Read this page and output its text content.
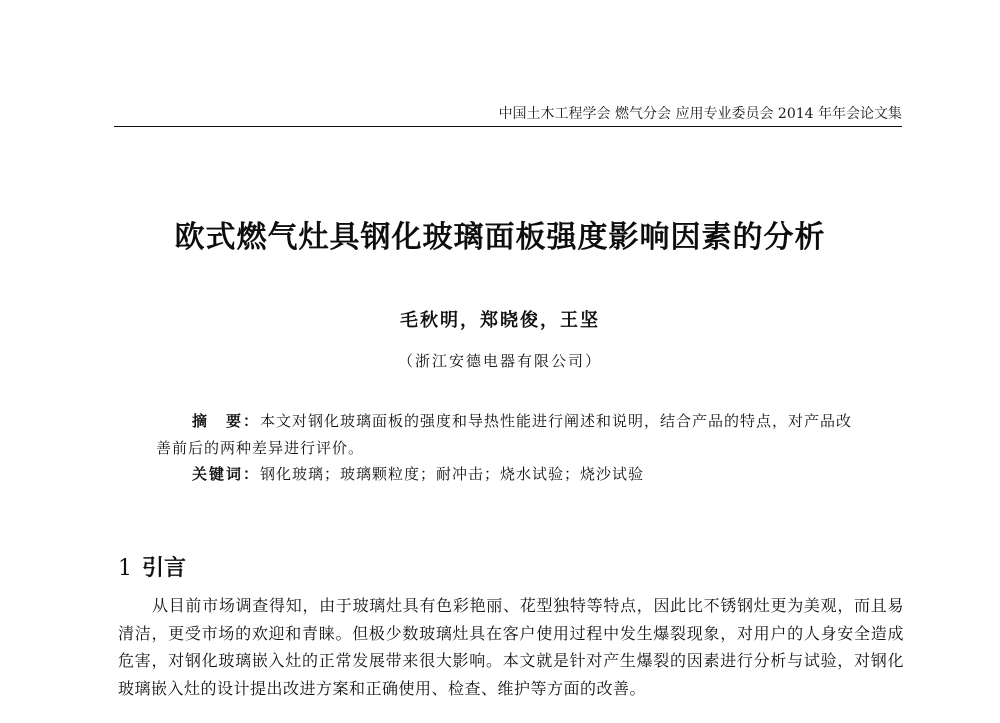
中国土木工程学会 燃气分会 应用专业委员会 2014 年年会论文集
欧式燃气灶具钢化玻璃面板强度影响因素的分析
毛秋明，郑晓俊，王坚
（浙江安德电器有限公司）
摘　要：本文对钢化玻璃面板的强度和导热性能进行阐述和说明，结合产品的特点，对产品改善前后的两种差异进行评价。
关键词：钢化玻璃；玻璃颗粒度；耐冲击；烧水试验；烧沙试验
1 引言
从目前市场调查得知，由于玻璃灶具有色彩艳丽、花型独特等特点，因此比不锈钢灶更为美观，而且易清洁，更受市场的欢迎和青睐。但极少数玻璃灶具在客户使用过程中发生爆裂现象，对用户的人身安全造成危害，对钢化玻璃嵌入灶的正常发展带来很大影响。本文就是针对产生爆裂的因素进行分析与试验，对钢化玻璃嵌入灶的设计提出改进方案和正确使用、检查、维护等方面的改善。
